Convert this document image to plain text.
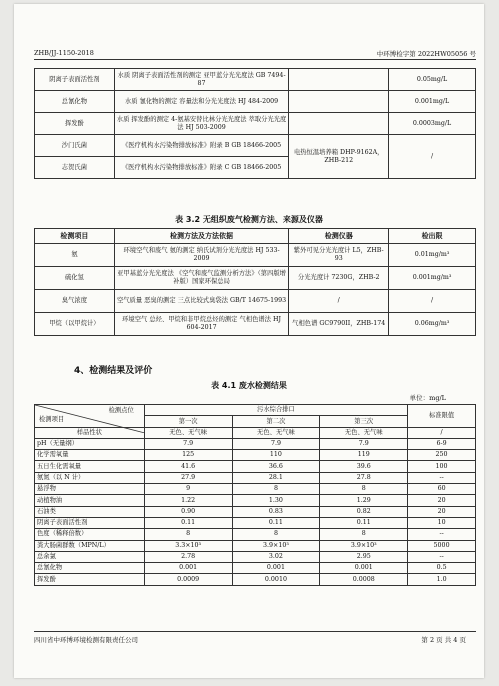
ZHB/JJ-1150-2018	中环博检字第 2022HW05056 号
阴离子表面活性剂	水质 阴离子表面活性剂的测定 亚甲蓝分光光度法 GB 7494-87		0.05mg/L
总氰化物	水质 氰化物的测定 容量法和分光光度法 HJ 484-2009		0.001mg/L
挥发酚	水质 挥发酚的测定 4-氨基安替比林分光光度法 萃取分光光度法 HJ 503-2009		0.0003mg/L
沙门氏菌	《医疗机构水污染物排放标准》附录 B GB 18466-2005	电热恒温培养箱 DHP-9162A，ZHB-212	/
志贺氏菌	《医疗机构水污染物排放标准》附录 C GB 18466-2005		
表 3.2 无组织废气检测方法、来源及仪器
检测项目	检测方法及方法依据	检测仪器	检出限
氨	环境空气和废气 氨的测定 纳氏试剂分光光度法 HJ 533-2009	紫外可见分光光度计 L5，ZHB-93	0.01mg/m³
硫化氢	亚甲基蓝分光光度法 《空气和废气监测分析方法》（第四版增补版）国家环保总局	分光光度计 7230G，ZHB-2	0.001mg/m³
臭气浓度	空气质量 恶臭的测定 三点比较式臭袋法 GB/T 14675-1993	/	/
甲烷（以甲烷计）	环境空气 总烃、甲烷和非甲烷总烃的测定 气相色谱法 HJ 604-2017	气相色谱 GC9790II，ZHB-174	0.06mg/m³
4、检测结果及评价
表 4.1 废水检测结果
单位：mg/L
检测点位
检测项目	污水综合排口			标准限值
	第一次	第二次	第三次	
样品性状	无色、无气味	无色、无气味	无色、无气味	/
pH（无量纲）	7.9	7.9	7.9	6-9
化学需氧量	125	110	119	250
五日生化需氧量	41.6	36.6	39.6	100
氨氮（以 N 计）	27.9	28.1	27.8	--
悬浮物	9	8	8	60
动植物油	1.22	1.30	1.29	20
石油类	0.90	0.83	0.82	20
阴离子表面活性剂	0.11	0.11	0.11	10
色度（稀释倍数）	8	8	8	--
粪大肠菌群数（MPN/L）	3.3×10³	3.9×10³	3.9×10³	5000
总余氯	2.78	3.02	2.95	--
总氰化物	0.001	0.001	0.001	0.5
挥发酚	0.0009	0.0010	0.0008	1.0
四川省中环博环境检测有限责任公司	第 2 页 共 4 页
